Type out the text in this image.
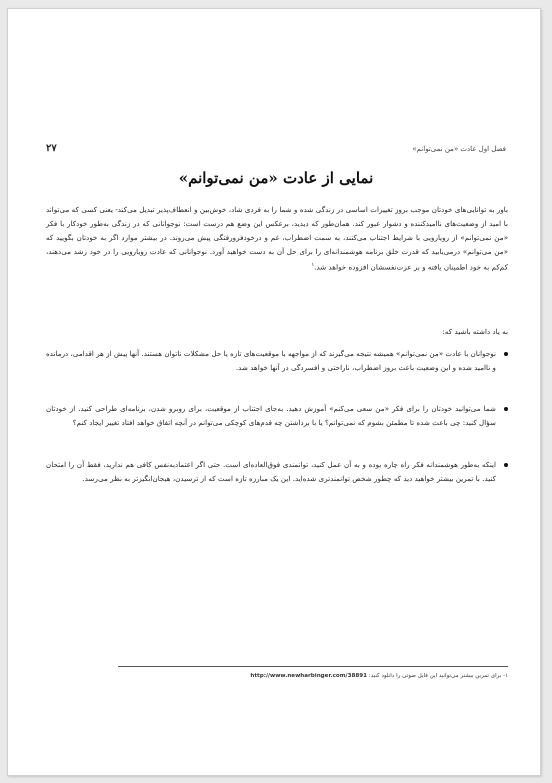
فصل اول عادت «من نمی‌توانم»
۲۷
نمایی از عادت «من نمی‌توانم»
باور به توانایی‌های خودتان موجب بروز تغییرات اساسی در زندگی شده و شما را به فردی شاد، خوش‌بین و انعطاف‌پذیر تبدیل می‌کند- یعنی کسی که می‌تواند با امید از وضعیت‌های ناامیدکننده و دشوار عبور کند. همان‌طور که دیدید، برعکس این وضع هم درست است: نوجوانانی که در زندگی به‌طور خودکار با فکر «من نمی‌توانم» از رویارویی با شرایط اجتناب می‌کنند، به سمت اضطراب، غم و درخودفرورفتگی پیش می‌روند. در بیشتر موارد اگر به خودتان بگویید که «من می‌توانم» درمی‌یابید که قدرت خلق برنامه هوشمندانه‌ای را برای حل آن به دست خواهید آورد. نوجوانانی که عادت رویارویی را در خود رشد می‌دهند، کم‌کم به خود اطمینان یافته و بر عزت‌نفسشان افزوده خواهد شد.$^۱$
به یاد داشته باشید که:
نوجوانان با عادت «من نمی‌توانم» همیشه نتیجه می‌گیرند که از مواجهه با موقعیت‌های تازه یا حل مشکلات ناتوان هستند. آنها پیش از هر اقدامی، درمانده و ناامید شده و این وضعیت باعث بروز اضطراب، ناراحتی و افسردگی در آنها خواهد شد.
شما می‌توانید خودتان را برای فکر «من سعی می‌کنم» آموزش دهید. به‌جای اجتناب از موقعیت، برای روبرو شدن، برنامه‌ای طراحی کنید. از خودتان سؤال کنید: چی باعث شده تا مطمئن بشوم که نمی‌توانم؟ یا با برداشتن چه قدم‌های کوچکی می‌توانم در آنچه اتفاق خواهد افتاد تغییر ایجاد کنم؟
اینکه به‌طور هوشمندانه فکر راه چاره بوده و به آن عمل کنید، توانمندی فوق‌العاده‌ای است. حتی اگر اعتمادبه‌نفس کافی هم ندارید، فقط آن را امتحان کنید. با تمرین بیشتر خواهید دید که چطور شخص توانمندتری شده‌اید. این یک مبارزه تازه است که از ترسیدن، هیجان‌انگیزتر به نظر می‌رسد.
۱- برای تمرین بیشتر می‌توانید این فایل صوتی را دانلود کنید: http://www.newharbinger.com/38891
